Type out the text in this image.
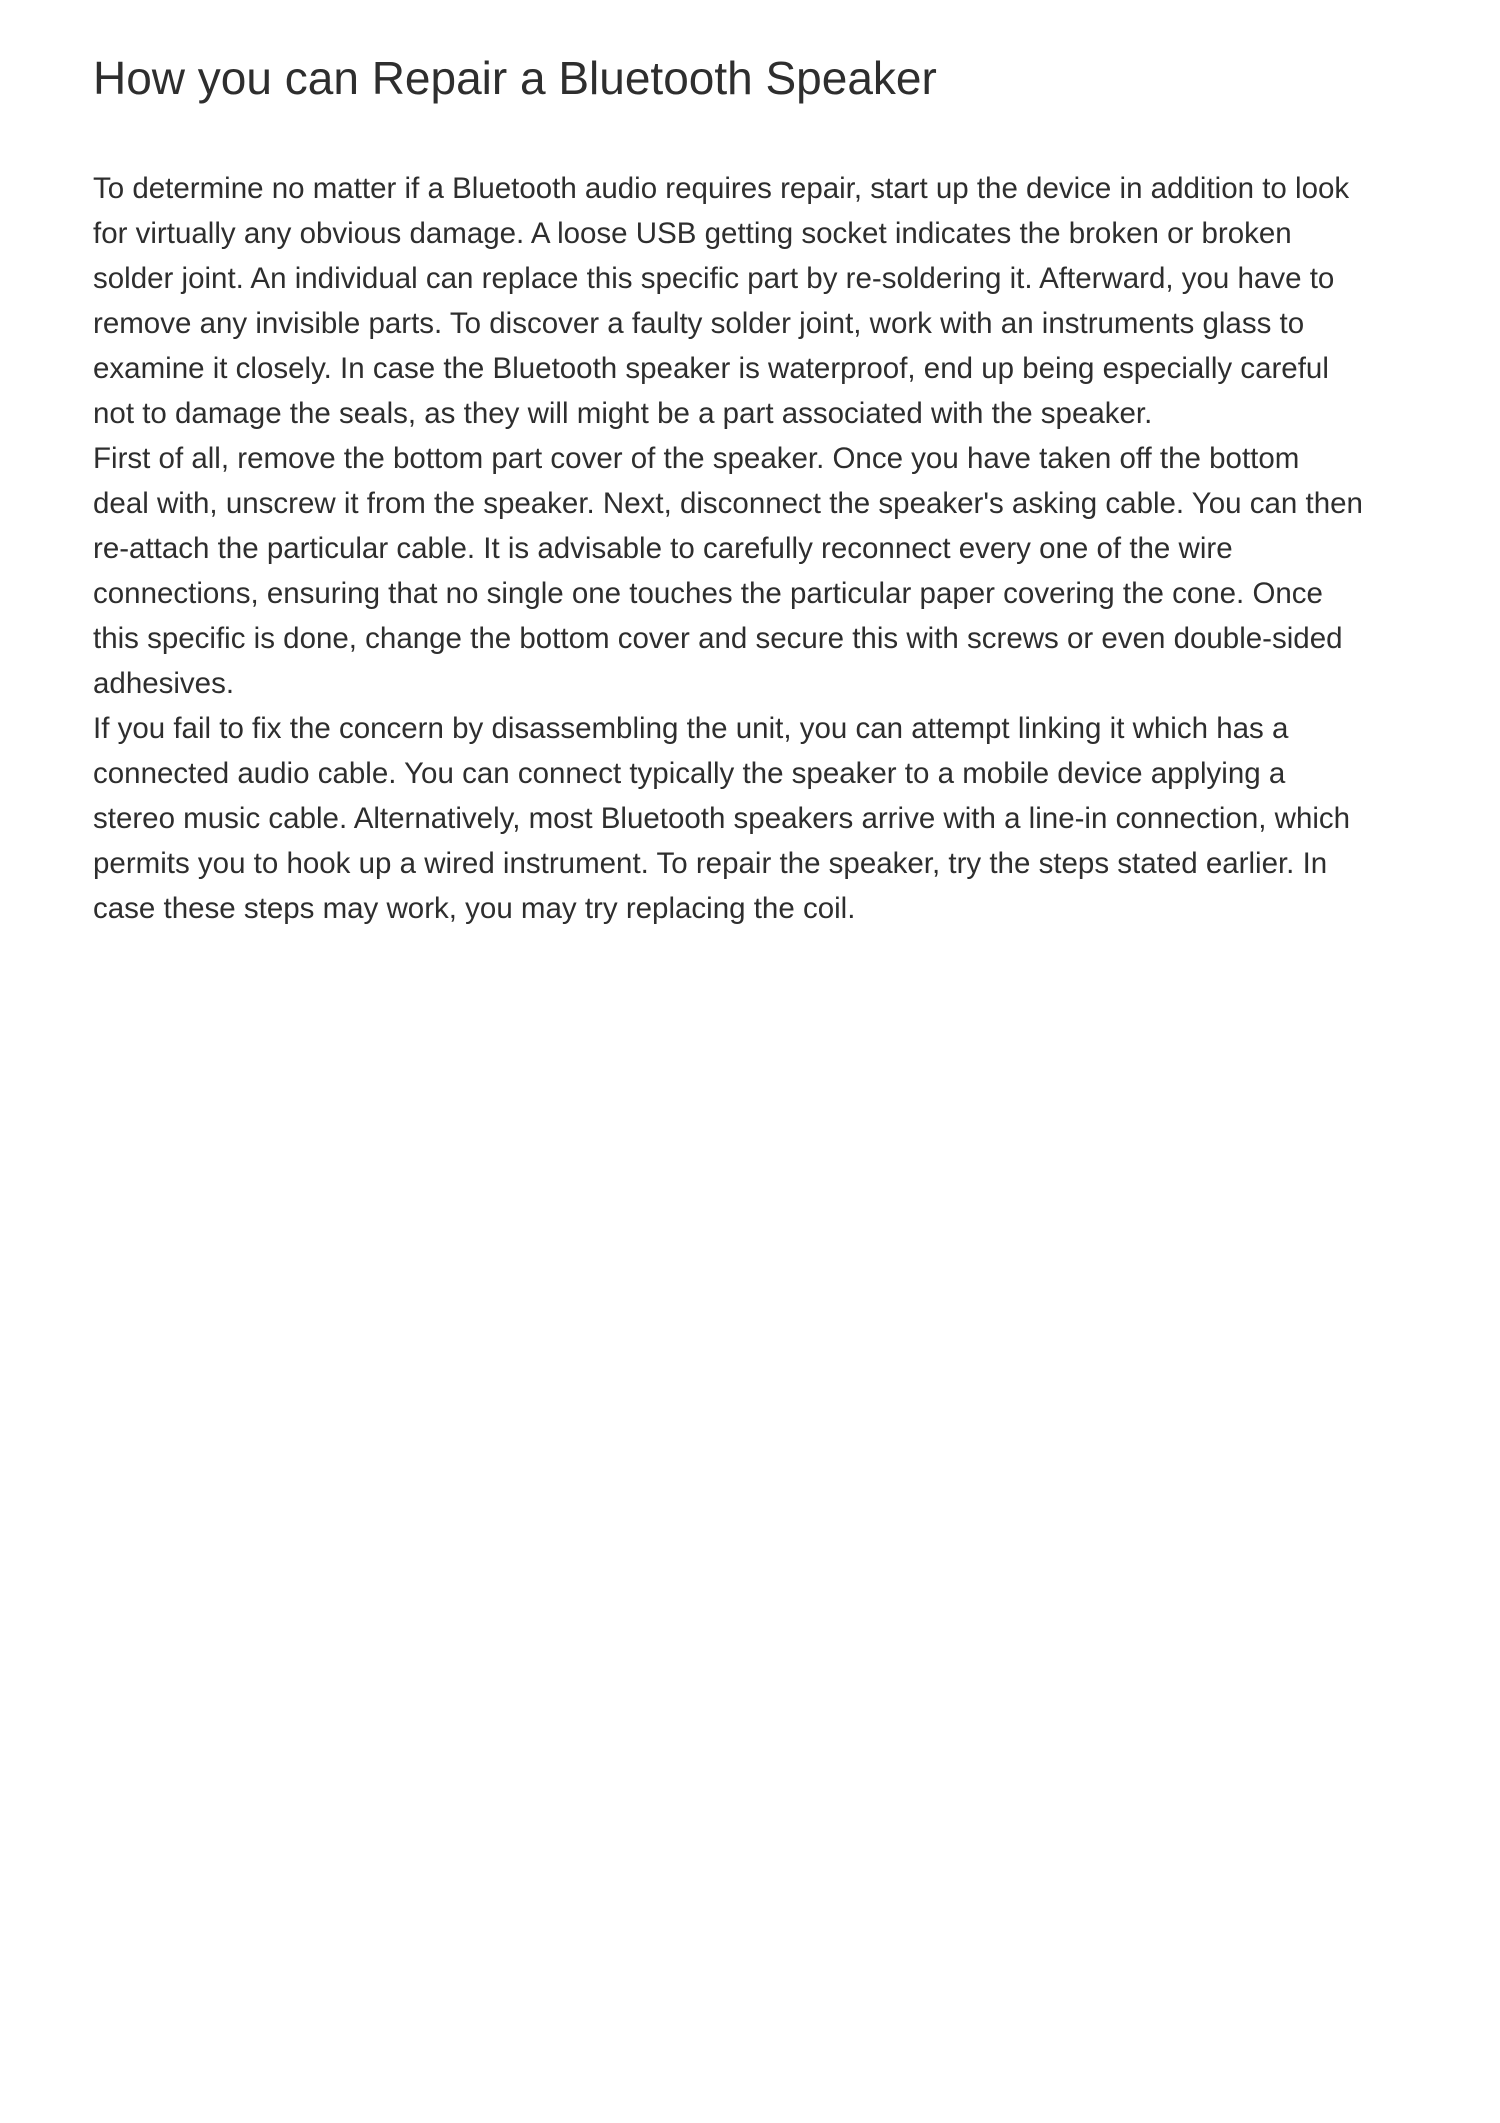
How you can Repair a Bluetooth Speaker

To determine no matter if a Bluetooth audio requires repair, start up the device in addition to look for virtually any obvious damage. A loose USB getting socket indicates the broken or broken solder joint. An individual can replace this specific part by re-soldering it. Afterward, you have to remove any invisible parts. To discover a faulty solder joint, work with an instruments glass to examine it closely. In case the Bluetooth speaker is waterproof, end up being especially careful not to damage the seals, as they will might be a part associated with the speaker.

First of all, remove the bottom part cover of the speaker. Once you have taken off the bottom deal with, unscrew it from the speaker. Next, disconnect the speaker's asking cable. You can then re-attach the particular cable. It is advisable to carefully reconnect every one of the wire connections, ensuring that no single one touches the particular paper covering the cone. Once this specific is done, change the bottom cover and secure this with screws or even double-sided adhesives.

If you fail to fix the concern by disassembling the unit, you can attempt linking it which has a connected audio cable. You can connect typically the speaker to a mobile device applying a stereo music cable. Alternatively, most Bluetooth speakers arrive with a line-in connection, which permits you to hook up a wired instrument. To repair the speaker, try the steps stated earlier. In case these steps may work, you may try replacing the coil.
